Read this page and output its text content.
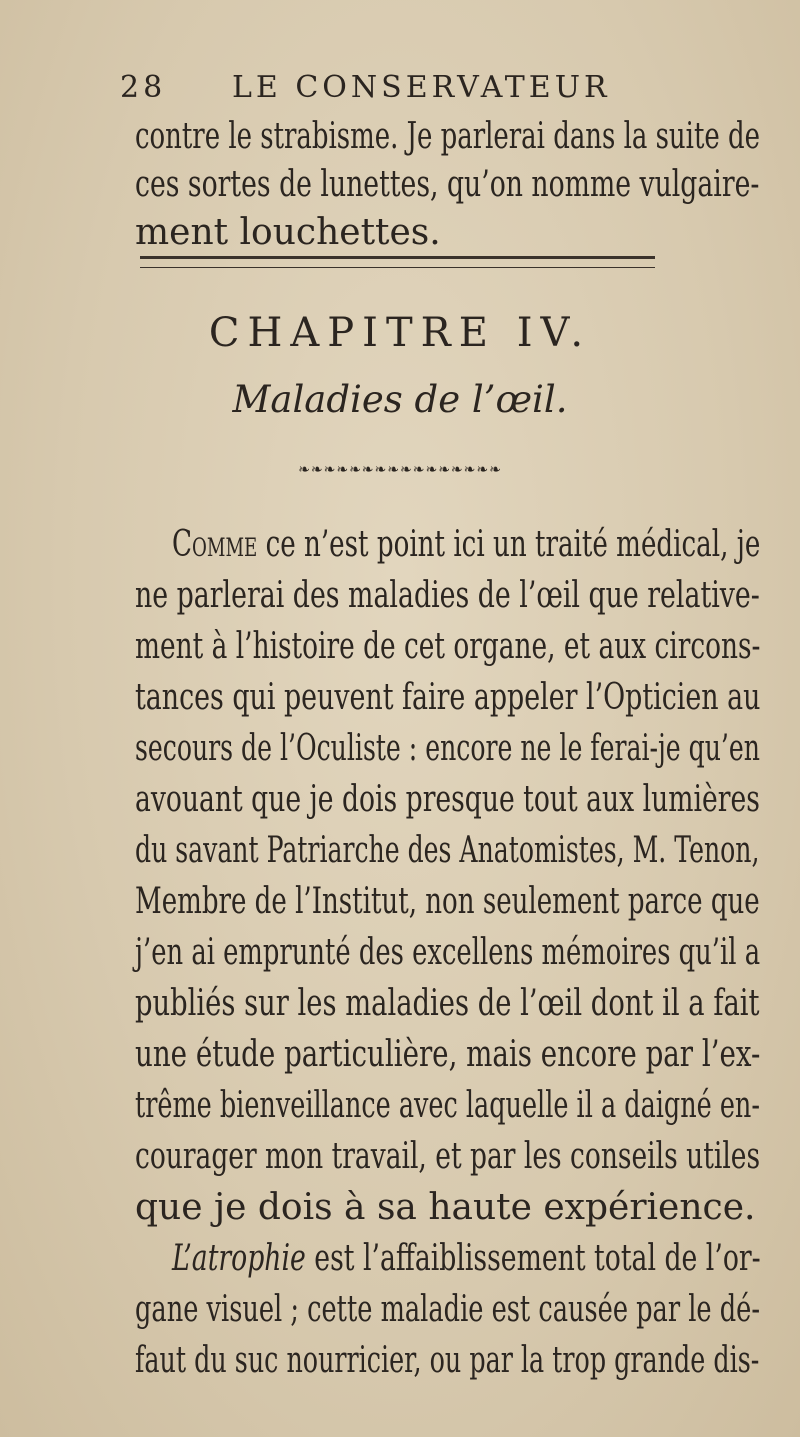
28 LE CONSERVATEUR
contre le strabisme. Je parlerai dans la suite de
ces sortes de lunettes, qu’on nomme vulgaire-
ment louchettes.
CHAPITRE IV.
Maladies de l’œil.
❧❧❧❧❧❧❧❧❧❧❧❧❧❧❧❧
Comme ce n’est point ici un traité médical, je
ne parlerai des maladies de l’œil que relative-
ment à l’histoire de cet organe, et aux circons-
tances qui peuvent faire appeler l’Opticien au
secours de l’Oculiste : encore ne le ferai-je qu’en
avouant que je dois presque tout aux lumières
du savant Patriarche des Anatomistes, M. Tenon,
Membre de l’Institut, non seulement parce que
j’en ai emprunté des excellens mémoires qu’il a
publiés sur les maladies de l’œil dont il a fait
une étude particulière, mais encore par l’ex-
trême bienveillance avec laquelle il a daigné en-
courager mon travail, et par les conseils utiles
que je dois à sa haute expérience.
L’atrophie est l’affaiblissement total de l’or-
gane visuel ; cette maladie est causée par le dé-
faut du suc nourricier, ou par la trop grande dis-
